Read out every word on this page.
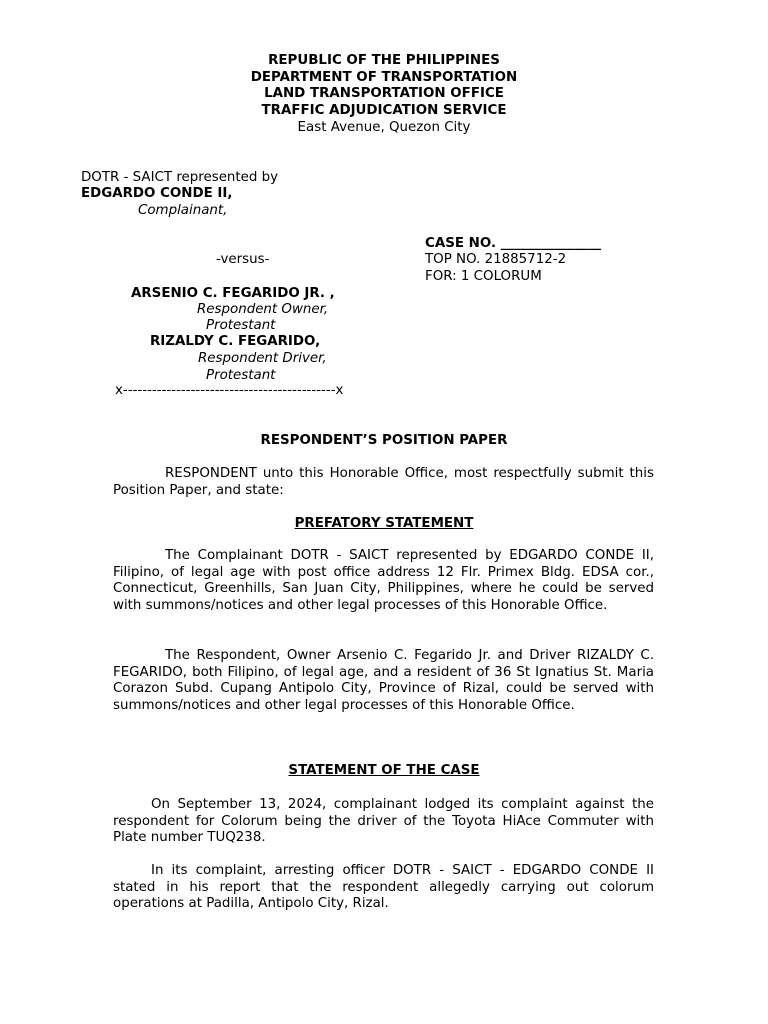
REPUBLIC OF THE PHILIPPINES
DEPARTMENT OF TRANSPORTATION
LAND TRANSPORTATION OFFICE
TRAFFIC ADJUDICATION SERVICE
East Avenue, Quezon City
DOTR - SAICT represented by
EDGARDO CONDE II,
Complainant,
CASE NO. _______________
TOP NO. 21885712-2
FOR: 1 COLORUM
-versus-
ARSENIO C. FEGARIDO JR. ,
Respondent Owner,
Protestant
RIZALDY C. FEGARIDO,
Respondent Driver,
Protestant
x--------------------------------------------x
RESPONDENT’S POSITION PAPER
RESPONDENT unto this Honorable Office, most respectfully submit this Position Paper, and state:
PREFATORY STATEMENT
The Complainant DOTR - SAICT represented by EDGARDO CONDE II, Filipino, of legal age with post office address 12 Flr. Primex Bldg. EDSA cor., Connecticut, Greenhills, San Juan City, Philippines, where he could be served with summons/notices and other legal processes of this Honorable Office.
The Respondent, Owner Arsenio C. Fegarido Jr. and Driver RIZALDY C. FEGARIDO, both Filipino, of legal age, and a resident of 36 St Ignatius St. Maria Corazon Subd. Cupang Antipolo City, Province of Rizal, could be served with summons/notices and other legal processes of this Honorable Office.
STATEMENT OF THE CASE
On September 13, 2024, complainant lodged its complaint against the respondent for Colorum being the driver of the Toyota HiAce Commuter with Plate number TUQ238.
In its complaint, arresting officer DOTR - SAICT - EDGARDO CONDE II stated in his report that the respondent allegedly carrying out colorum operations at Padilla, Antipolo City, Rizal.
